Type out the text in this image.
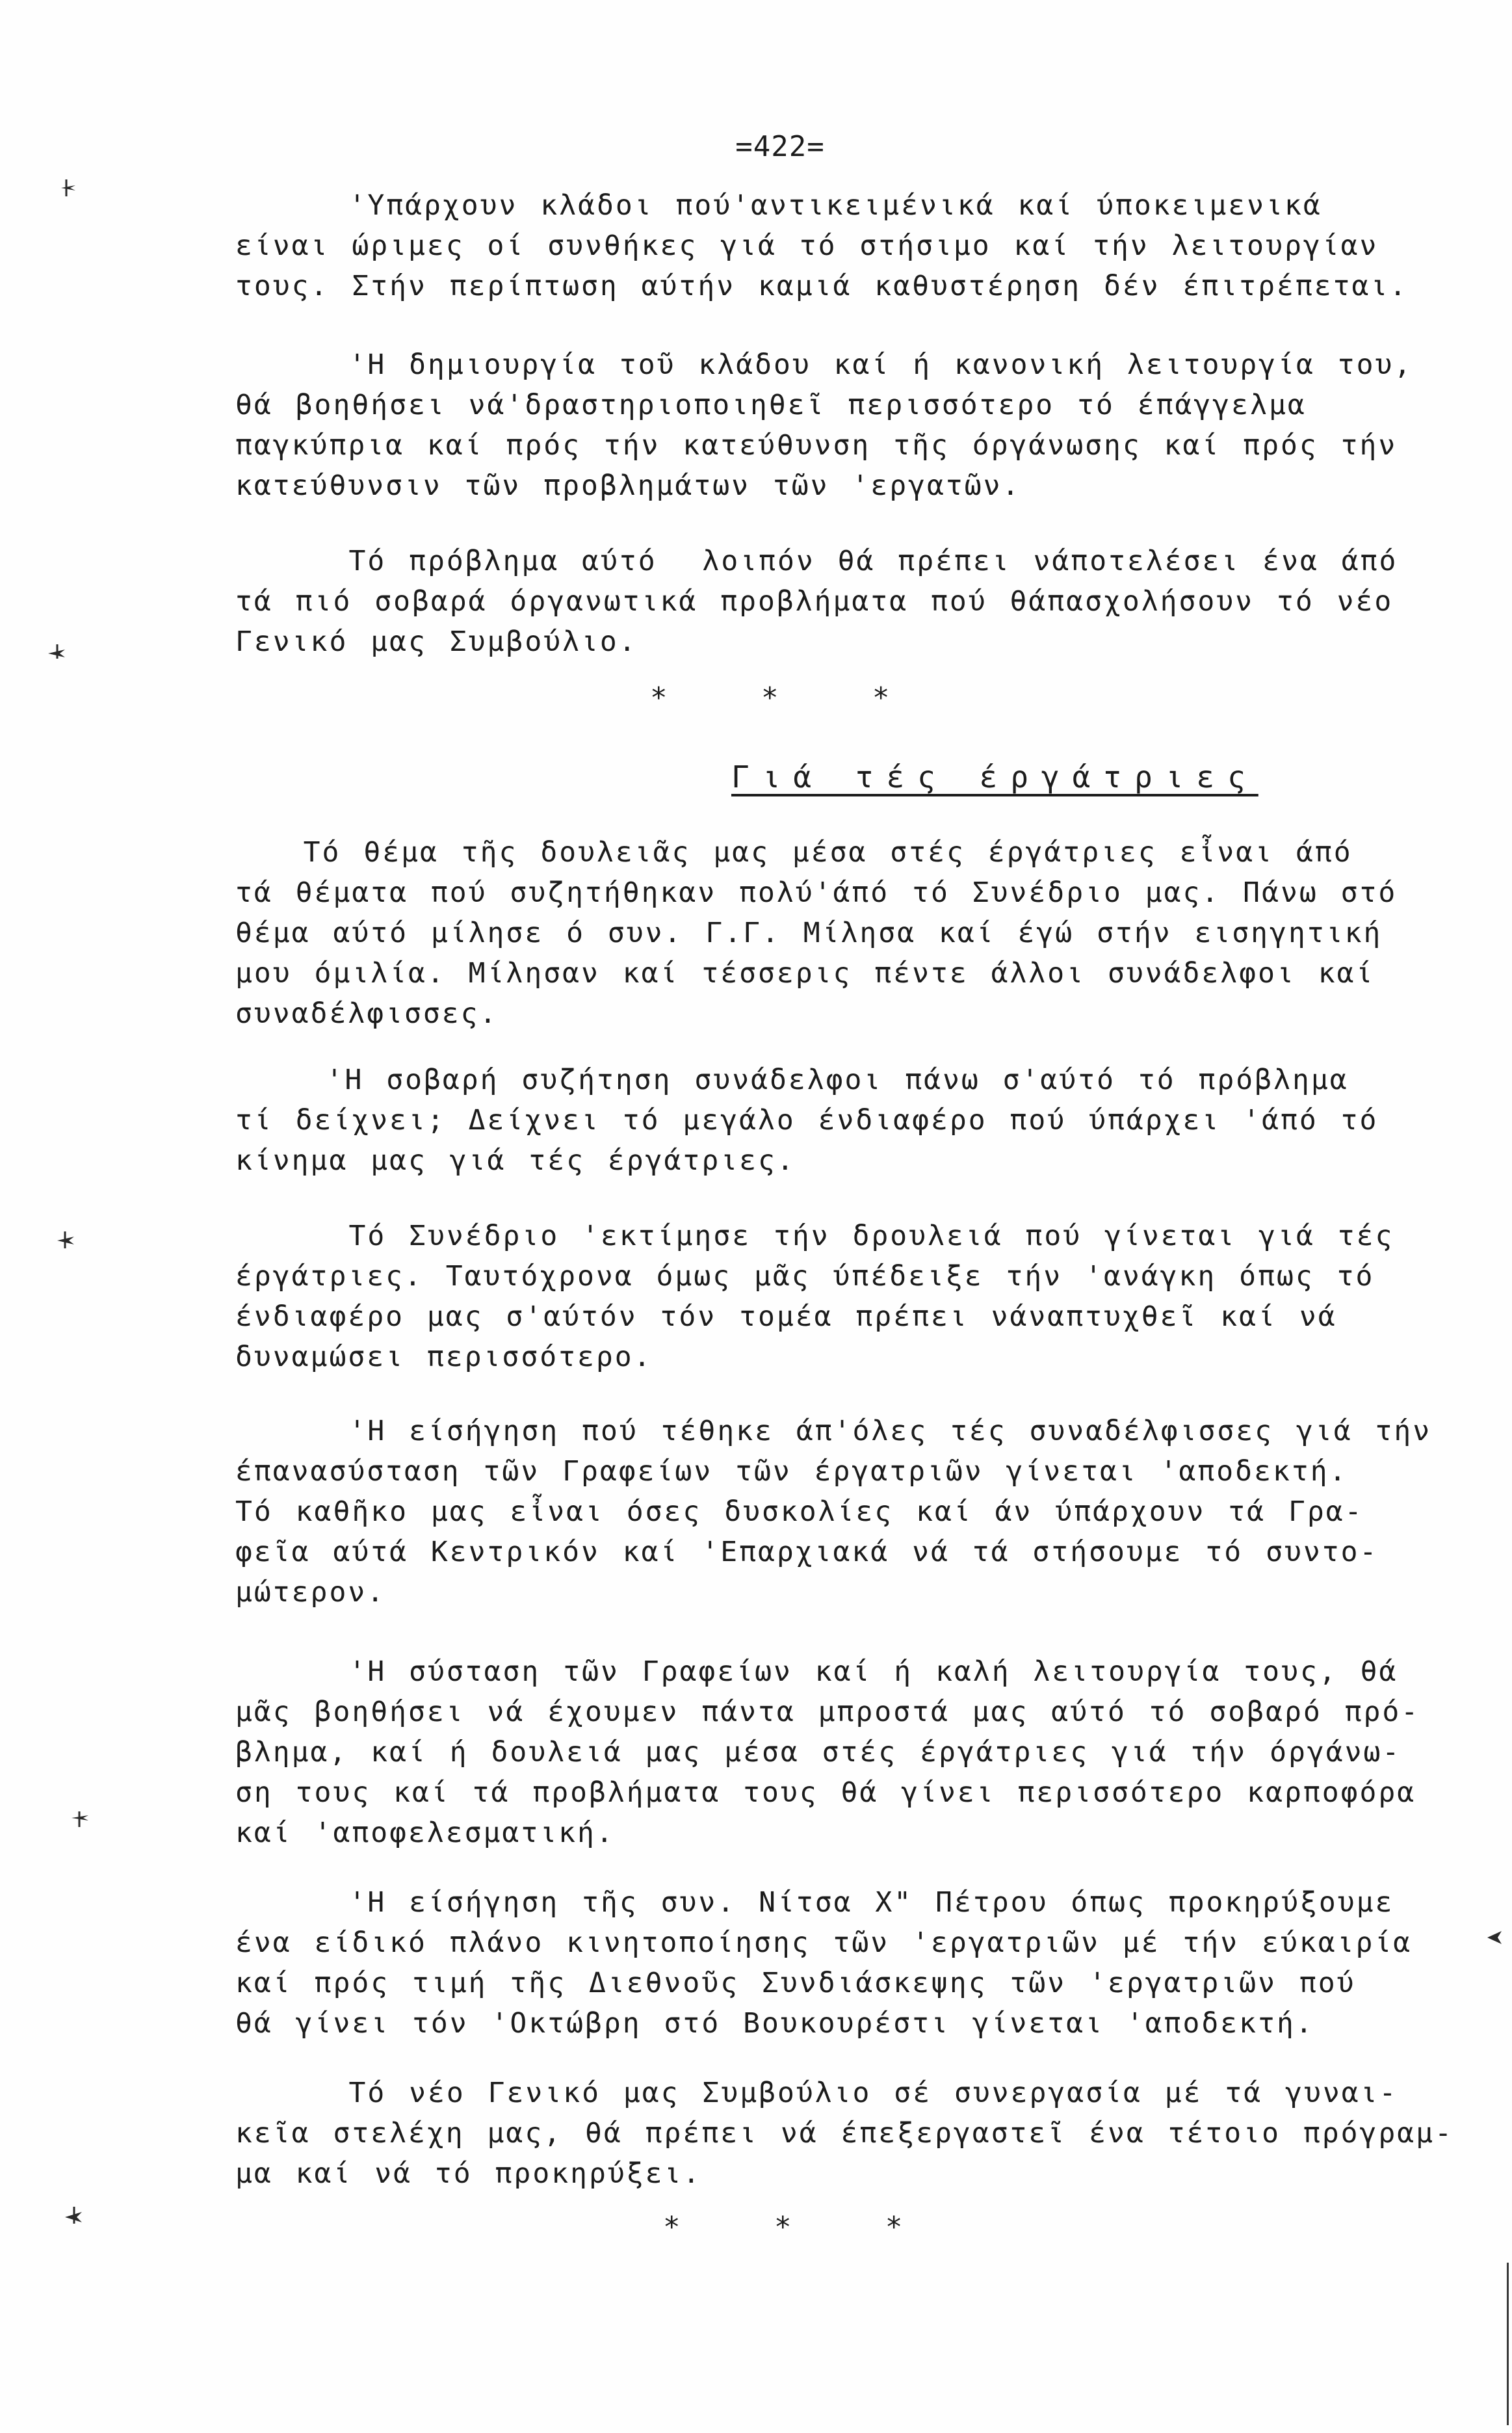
=422=
'Υπάρχουν κλάδοι πού'αντικειμένικά καί ύποκειμενικά
είναι ώριμες οί συνθήκες γιά τό στήσιμο καί τήν λειτουργίαν
τους. Στήν περίπτωση αύτήν καμιά καθυστέρηση δέν έπιτρέπεται.
'Η δημιουργία τοῦ κλάδου καί ή κανονική λειτουργία του,
θά βοηθήσει νά'δραστηριοποιηθεῖ περισσότερο τό έπάγγελμα
παγκύπρια καί πρός τήν κατεύθυνση τῆς όργάνωσης καί πρός τήν
κατεύθυνσιν τῶν προβλημάτων τῶν 'εργατῶν.
Τό πρόβλημα αύτό  λοιπόν θά πρέπει νάποτελέσει ένα άπό
τά πιό σοβαρά όργανωτικά προβλήματα πού θάπασχολήσουν τό νέο
Γενικό μας Συμβούλιο.
*     *     *
Γιά τές έργάτριες
Τό θέμα τῆς δουλειᾶς μας μέσα στές έργάτριες εἶναι άπό
τά θέματα πού συζητήθηκαν πολύ'άπό τό Συνέδριο μας. Πάνω στό
θέμα αύτό μίλησε ό συν. Γ.Γ. Μίλησα καί έγώ στήν εισηγητική
μου όμιλία. Μίλησαν καί τέσσερις πέντε άλλοι συνάδελφοι καί
συναδέλφισσες.
'Η σοβαρή συζήτηση συνάδελφοι πάνω σ'αύτό τό πρόβλημα
τί δείχνει; Δείχνει τό μεγάλο ένδιαφέρο πού ύπάρχει 'άπό τό
κίνημα μας γιά τές έργάτριες.
Τό Συνέδριο 'εκτίμησε τήν δρουλειά πού γίνεται γιά τές
έργάτριες. Ταυτόχρονα όμως μᾶς ύπέδειξε τήν 'ανάγκη όπως τό
ένδιαφέρο μας σ'αύτόν τόν τομέα πρέπει νάναπτυχθεῖ καί νά
δυναμώσει περισσότερο.
'Η είσήγηση πού τέθηκε άπ'όλες τές συναδέλφισσες γιά τήν
έπανασύσταση τῶν Γραφείων τῶν έργατριῶν γίνεται 'αποδεκτή.
Τό καθῆκο μας εἶναι όσες δυσκολίες καί άν ύπάρχουν τά Γρα-
φεῖα αύτά Κεντρικόν καί 'Επαρχιακά νά τά στήσουμε τό συντο-
μώτερον.
'Η σύσταση τῶν Γραφείων καί ή καλή λειτουργία τους, θά
μᾶς βοηθήσει νά έχουμεν πάντα μπροστά μας αύτό τό σοβαρό πρό-
βλημα, καί ή δουλειά μας μέσα στές έργάτριες γιά τήν όργάνω-
ση τους καί τά προβλήματα τους θά γίνει περισσότερο καρποφόρα
καί 'αποφελεσματική.
'Η είσήγηση τῆς συν. Νίτσα Χ" Πέτρου όπως προκηρύξουμε
ένα είδικό πλάνο κινητοποίησης τῶν 'εργατριῶν μέ τήν εύκαιρία
καί πρός τιμή τῆς Διεθνοῦς Συνδιάσκεψης τῶν 'εργατριῶν πού
θά γίνει τόν 'Οκτώβρη στό Βουκουρέστι γίνεται 'αποδεκτή.
Τό νέο Γενικό μας Συμβούλιο σέ συνεργασία μέ τά γυναι-
κεῖα στελέχη μας, θά πρέπει νά έπεξεργαστεῖ ένα τέτοιο πρόγραμ-
μα καί νά τό προκηρύξει.
*     *     *
